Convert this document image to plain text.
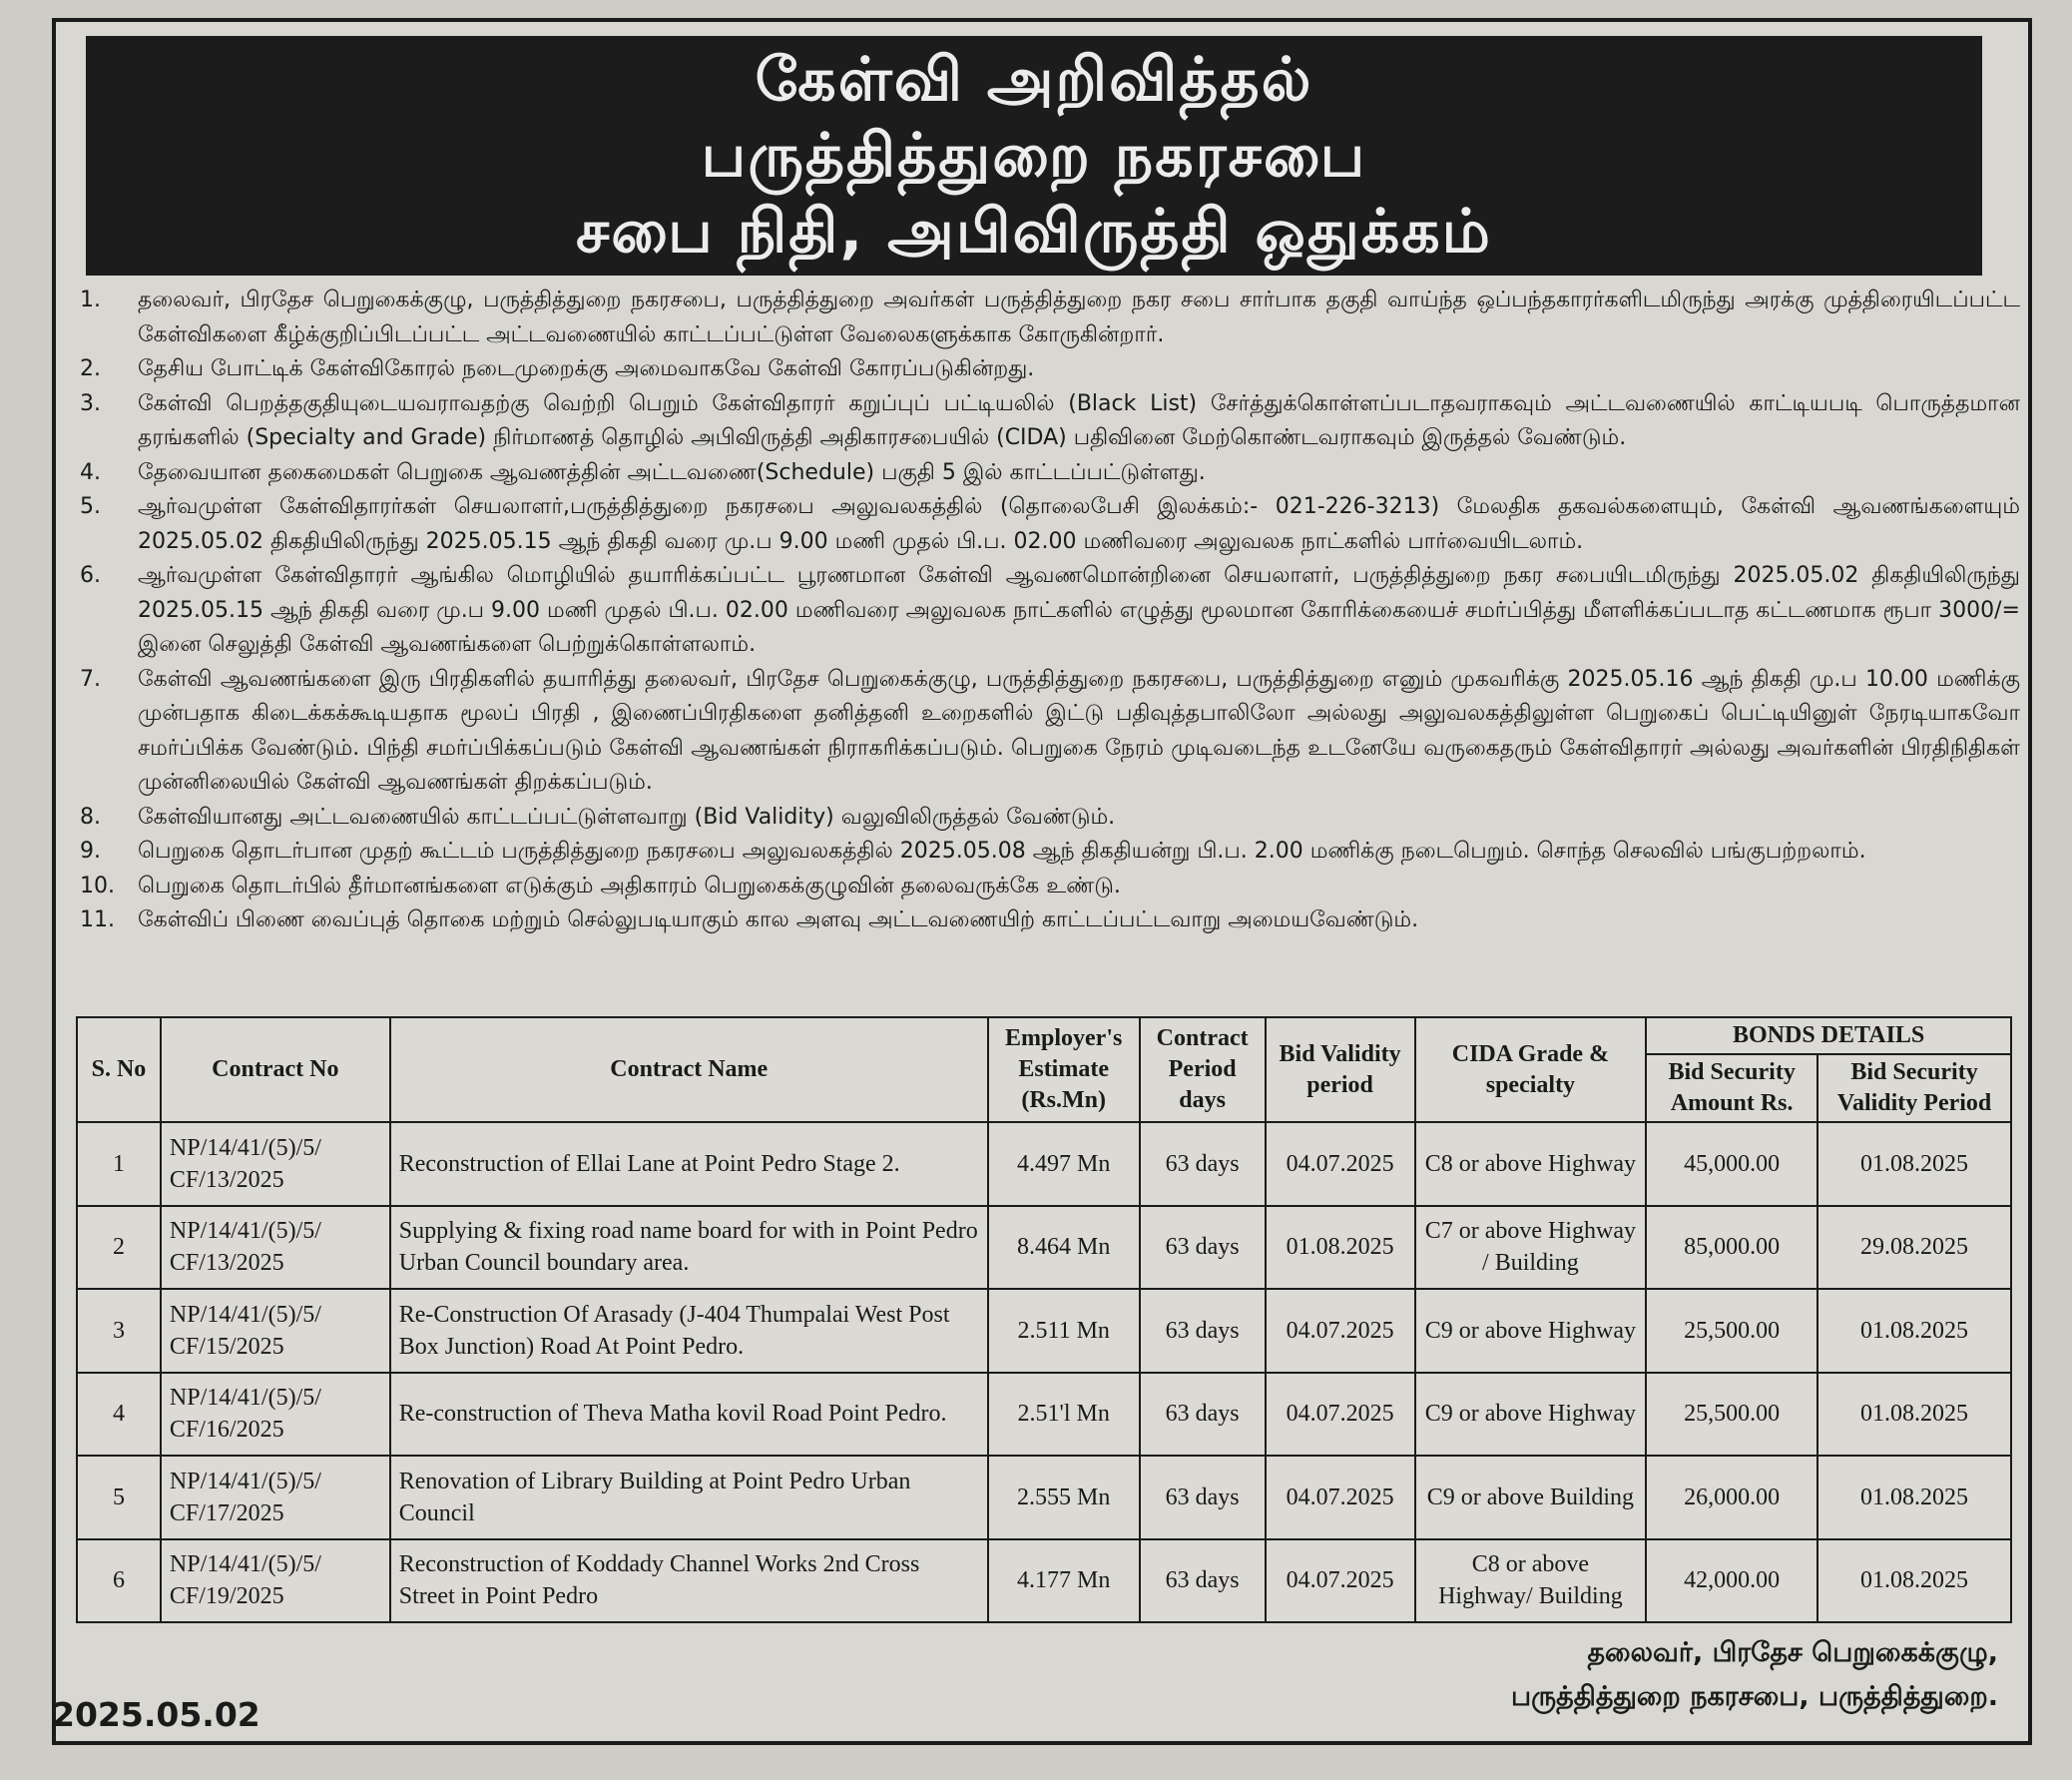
கேள்வி அறிவித்தல்
பருத்தித்துறை நகரசபை
சபை நிதி, அபிவிருத்தி ஒதுக்கம்
1.	தலைவர், பிரதேச பெறுகைக்குழு, பருத்தித்துறை நகரசபை, பருத்தித்துறை அவர்கள் பருத்தித்துறை நகர சபை சார்பாக தகுதி வாய்ந்த ஒப்பந்தகாரர்களிடமிருந்து அரக்கு முத்திரையிடப்பட்ட கேள்விகளை கீழ்க்குறிப்பிடப்பட்ட அட்டவணையில் காட்டப்பட்டுள்ள வேலைகளுக்காக கோருகின்றார்.
2.	தேசிய போட்டிக் கேள்விகோரல் நடைமுறைக்கு அமைவாகவே கேள்வி கோரப்படுகின்றது.
3.	கேள்வி பெறத்தகுதியுடையவராவதற்கு வெற்றி பெறும் கேள்விதாரர் கறுப்புப் பட்டியலில் (Black List) சேர்த்துக்கொள்ளப்படாதவராகவும் அட்டவணையில் காட்டியபடி பொருத்தமான தரங்களில் (Specialty and Grade) நிர்மாணத் தொழில் அபிவிருத்தி அதிகாரசபையில் (CIDA) பதிவினை மேற்கொண்டவராகவும் இருத்தல் வேண்டும்.
4.	தேவையான தகைமைகள் பெறுகை ஆவணத்தின் அட்டவணை(Schedule) பகுதி 5 இல் காட்டப்பட்டுள்ளது.
5.	ஆர்வமுள்ள கேள்விதாரர்கள் செயலாளர்,பருத்தித்துறை நகரசபை அலுவலகத்தில் (தொலைபேசி இலக்கம்:- 021-226-3213) மேலதிக தகவல்களையும், கேள்வி ஆவணங்களையும் 2025.05.02 திகதியிலிருந்து 2025.05.15 ஆந் திகதி வரை மு.ப 9.00 மணி முதல் பி.ப. 02.00 மணிவரை அலுவலக நாட்களில் பார்வையிடலாம்.
6.	ஆர்வமுள்ள கேள்விதாரர் ஆங்கில மொழியில் தயாரிக்கப்பட்ட பூரணமான கேள்வி ஆவணமொன்றினை செயலாளர், பருத்தித்துறை நகர சபையிடமிருந்து 2025.05.02 திகதியிலிருந்து 2025.05.15 ஆந் திகதி வரை மு.ப 9.00 மணி முதல் பி.ப. 02.00 மணிவரை அலுவலக நாட்களில் எழுத்து மூலமான கோரிக்கையைச் சமர்ப்பித்து மீளளிக்கப்படாத கட்டணமாக ரூபா 3000/= இனை செலுத்தி கேள்வி ஆவணங்களை பெற்றுக்கொள்ளலாம்.
7.	கேள்வி ஆவணங்களை இரு பிரதிகளில் தயாரித்து தலைவர், பிரதேச பெறுகைக்குழு, பருத்தித்துறை நகரசபை, பருத்தித்துறை எனும் முகவரிக்கு 2025.05.16 ஆந் திகதி மு.ப 10.00 மணிக்கு முன்பதாக கிடைக்கக்கூடியதாக மூலப் பிரதி , இணைப்பிரதிகளை தனித்தனி உறைகளில் இட்டு பதிவுத்தபாலிலோ அல்லது அலுவலகத்திலுள்ள பெறுகைப் பெட்டியினுள் நேரடியாகவோ சமர்ப்பிக்க வேண்டும். பிந்தி சமர்ப்பிக்கப்படும் கேள்வி ஆவணங்கள் நிராகரிக்கப்படும். பெறுகை நேரம் முடிவடைந்த உடனேயே வருகைதரும் கேள்விதாரர் அல்லது அவர்களின் பிரதிநிதிகள் முன்னிலையில் கேள்வி ஆவணங்கள் திறக்கப்படும்.
8.	கேள்வியானது அட்டவணையில் காட்டப்பட்டுள்ளவாறு (Bid Validity) வலுவிலிருத்தல் வேண்டும்.
9.	பெறுகை தொடர்பான முதற் கூட்டம் பருத்தித்துறை நகரசபை அலுவலகத்தில் 2025.05.08 ஆந் திகதியன்று பி.ப. 2.00 மணிக்கு நடைபெறும். சொந்த செலவில் பங்குபற்றலாம்.
10.	பெறுகை தொடர்பில் தீர்மானங்களை எடுக்கும் அதிகாரம் பெறுகைக்குழுவின் தலைவருக்கே உண்டு.
11.	கேள்விப் பிணை வைப்புத் தொகை மற்றும் செல்லுபடியாகும் கால அளவு அட்டவணையிற் காட்டப்பட்டவாறு அமையவேண்டும்.
S. No	Contract No	Contract Name	Employer's Estimate (Rs.Mn)	Contract Period days	Bid Validity period	CIDA Grade & specialty	BONDS DETAILS	
							Bid Security Amount Rs.	Bid Security Validity Period
1	NP/14/41/(5)/5/ CF/13/2025	Reconstruction of Ellai Lane at Point Pedro Stage 2.	4.497 Mn	63 days	04.07.2025	C8 or above Highway	45,000.00	01.08.2025
2	NP/14/41/(5)/5/ CF/13/2025	Supplying & fixing road name board for with in Point Pedro Urban Council boundary area.	8.464 Mn	63 days	01.08.2025	C7 or above Highway / Building	85,000.00	29.08.2025
3	NP/14/41/(5)/5/ CF/15/2025	Re-Construction Of Arasady (J-404 Thumpalai West Post Box Junction) Road At Point Pedro.	2.511 Mn	63 days	04.07.2025	C9 or above Highway	25,500.00	01.08.2025
4	NP/14/41/(5)/5/ CF/16/2025	Re-construction of Theva Matha kovil Road Point Pedro.	2.51'l Mn	63 days	04.07.2025	C9 or above Highway	25,500.00	01.08.2025
5	NP/14/41/(5)/5/ CF/17/2025	Renovation of Library Building at Point Pedro Urban Council	2.555 Mn	63 days	04.07.2025	C9 or above Building	26,000.00	01.08.2025
6	NP/14/41/(5)/5/ CF/19/2025	Reconstruction of Koddady Channel Works 2nd Cross Street in Point Pedro	4.177 Mn	63 days	04.07.2025	C8 or above Highway/ Building	42,000.00	01.08.2025
தலைவர், பிரதேச பெறுகைக்குழு,
பருத்தித்துறை நகரசபை, பருத்தித்துறை.
2025.05.02
